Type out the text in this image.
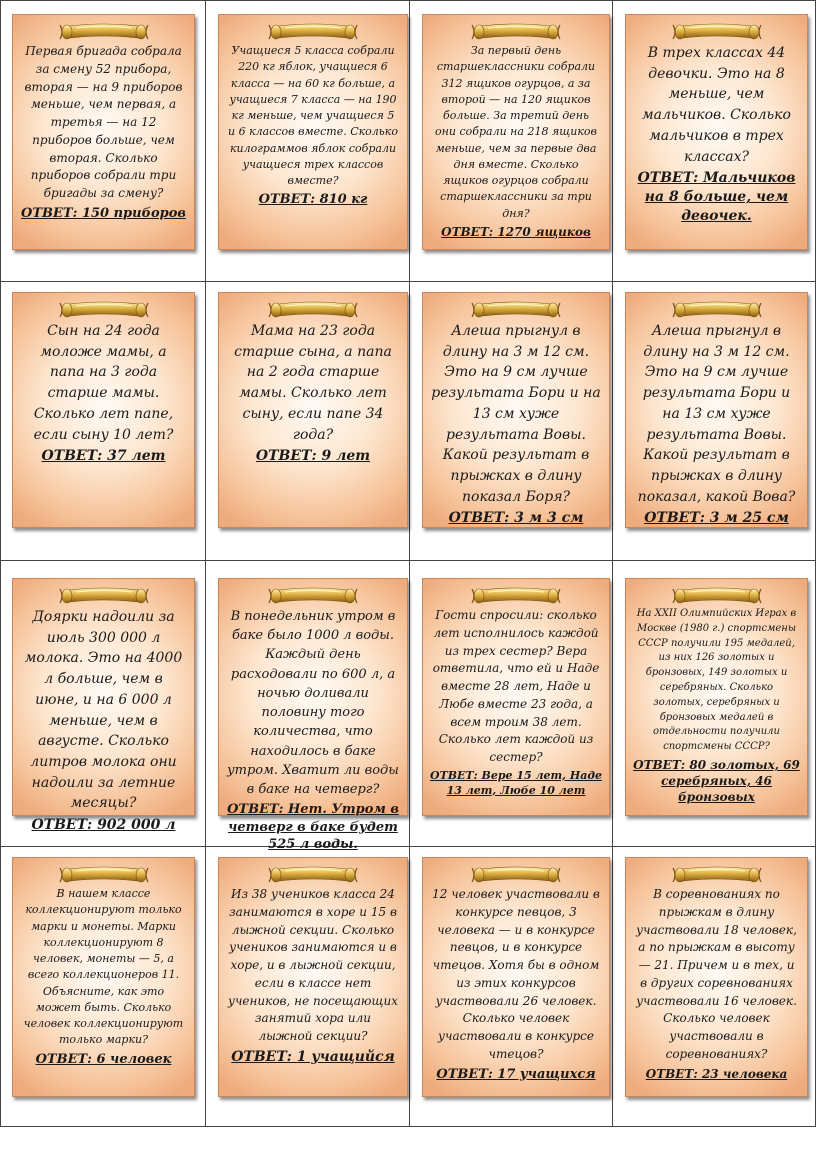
Первая бригада собрала за смену 52 прибора, вторая — на 9 приборов меньше, чем первая, а третья — на 12 приборов больше, чем вторая. Сколько приборов собрали три бригады за смену?
ОТВЕТ: 150 приборов
Учащиеся 5 класса собрали 220 кг яблок, учащиеся 6 класса — на 60 кг больше, а учащиеся 7 класса — на 190 кг меньше, чем учащиеся 5 и 6 классов вместе. Сколько килограммов яблок собрали учащиеся трех классов вместе?
ОТВЕТ: 810 кг
За первый день старшеклассники собрали 312 ящиков огурцов, а за второй — на 120 ящиков больше. За третий день они собрали на 218 ящиков меньше, чем за первые два дня вместе. Сколько ящиков огурцов собрали старшеклассники за три дня?
ОТВЕТ: 1270 ящиков
В трех классах 44 девочки. Это на 8 меньше, чем мальчиков. Сколько мальчиков в трех классах?
ОТВЕТ: Мальчиков на 8 больше, чем девочек.
Сын на 24 года моложе мамы, а папа на 3 года старше мамы. Сколько лет папе, если сыну 10 лет?
ОТВЕТ: 37 лет
Мама на 23 года старше сына, а папа на 2 года старше мамы. Сколько лет сыну, если папе 34 года?
ОТВЕТ: 9 лет
Алеша прыгнул в длину на 3 м 12 см. Это на 9 см лучше результата Бори и на 13 см хуже результата Вовы. Какой результат в прыжках в длину показал Боря?
ОТВЕТ: 3 м 3 см
Алеша прыгнул в длину на 3 м 12 см. Это на 9 см лучше результата Бори и на 13 см хуже результата Вовы. Какой результат в прыжках в длину показал, какой Вова?
ОТВЕТ: 3 м 25 см
Доярки надоили за июль 300 000 л молока. Это на 4000 л больше, чем в июне, и на 6 000 л меньше, чем в августе. Сколько литров молока они надоили за летние месяцы?
ОТВЕТ: 902 000 л
В понедельник утром в баке было 1000 л воды. Каждый день расходовали по 600 л, а ночью доливали половину того количества, что находилось в баке утром. Хватит ли воды в баке на четверг?
ОТВЕТ: Нет. Утром в четверг в баке будет 525 л воды.
Гости спросили: сколько лет исполнилось каждой из трех сестер? Вера ответила, что ей и Наде вместе 28 лет, Наде и Любе вместе 23 года, а всем троим 38 лет. Сколько лет каждой из сестер?
ОТВЕТ: Вере 15 лет, Наде 13 лет, Любе 10 лет
На XXII Олимпийских Играх в Москве (1980 г.) спортсмены СССР получили 195 медалей, из них 126 золотых и бронзовых, 149 золотых и серебряных. Сколько золотых, серебряных и бронзовых медалей в отдельности получили спортсмены СССР?
ОТВЕТ: 80 золотых, 69 серебряных, 46 бронзовых
В нашем классе коллекционируют только марки и монеты. Марки коллекционируют 8 человек, монеты — 5, а всего коллекционеров 11. Объясните, как это может быть. Сколько человек коллекционируют только марки?
ОТВЕТ: 6 человек
Из 38 учеников класса 24 занимаются в хоре и 15 в лыжной секции. Сколько учеников занимаются и в хоре, и в лыжной секции, если в классе нет учеников, не посещающих занятий хора или лыжной секции?
ОТВЕТ: 1 учащийся
12 человек участвовали в конкурсе певцов, 3 человека — и в конкурсе певцов, и в конкурсе чтецов. Хотя бы в одном из этих конкурсов участвовали 26 человек. Сколько человек участвовали в конкурсе чтецов?
ОТВЕТ: 17 учащихся
В соревнованиях по прыжкам в длину участвовали 18 человек, а по прыжкам в высоту — 21. Причем и в тех, и в других соревнованиях участвовали 16 человек. Сколько человек участвовали в соревнованиях?
ОТВЕТ: 23 человека
